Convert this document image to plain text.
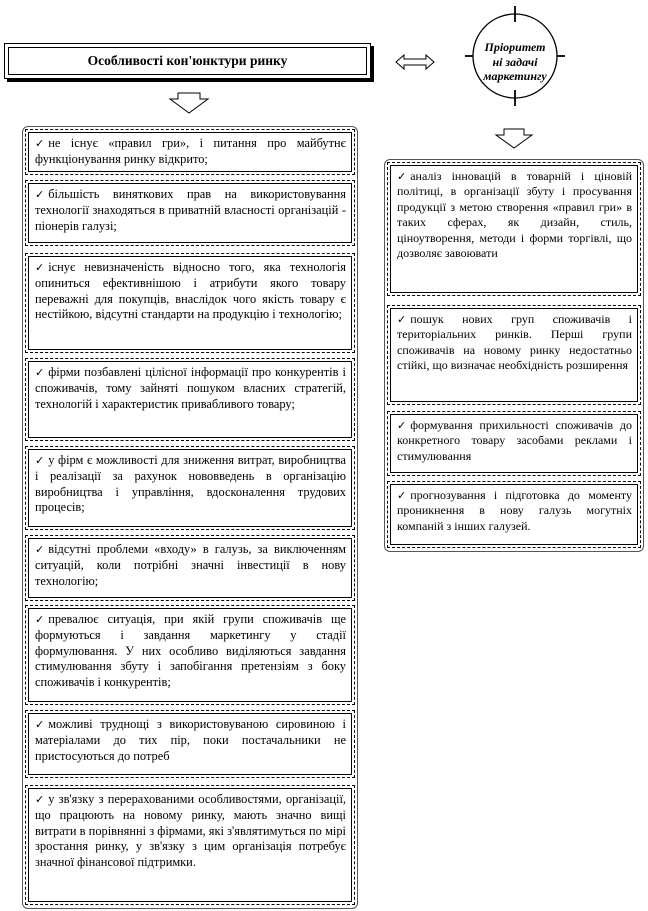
Пріоритет
ні задачі
маркетингу
Особливості кон'юнктури ринку
✓ не існує «правил гри», і питання про майбутнє функціонування ринку відкрито;
✓ більшість виняткових прав на використовування технології знаходяться в приватній власності організацій - піонерів галузі;
✓ існує невизначеність відносно того, яка технологія опиниться ефективнішою і атрибути якого товару переважні для покупців, внаслідок чого якість товару є нестійкою, відсутні стандарти на продукцію і технологію;
✓ фірми позбавлені цілісної інформації про конкурентів і споживачів, тому зайняті пошуком власних стратегій, технологій і характеристик привабливого товару;
✓ у фірм є можливості для зниження витрат, виробництва і реалізації за рахунок нововведень в організацію виробництва і управління, вдосконалення трудових процесів;
✓ відсутні проблеми «входу» в галузь, за виключенням ситуацій, коли потрібні значні інвестиції в нову технологію;
✓ превалює ситуація, при якій групи споживачів ще формуються і завдання маркетингу у стадії формулювання. У них особливо виділяються завдання стимулювання збуту і запобігання претензіям з боку споживачів і конкурентів;
✓ можливі труднощі з використовуваною сировиною і матеріалами до тих пір, поки постачальники не пристосуються до потреб
✓ у зв'язку з перерахованими особливостями, організації, що працюють на новому ринку, мають значно вищі витрати в порівнянні з фірмами, які з'являтимуться по мірі зростання ринку, у зв'язку з цим організація потребує значної фінансової підтримки.
✓ аналіз інновацій в товарній і ціновій політиці, в організації збуту і просування продукції з метою створення «правил гри» в таких сферах, як дизайн, стиль, ціноутворення, методи і форми торгівлі, що дозволяє завоювати
✓ пошук нових груп споживачів і територіальних ринків. Перші групи споживачів на новому ринку недостатньо стійкі, що визначає необхідність розширення
✓ формування прихильності споживачів до конкретного товару засобами реклами і стимулювання
✓ прогнозування і підготовка до моменту проникнення в нову галузь могутніх компаній з інших галузей.
